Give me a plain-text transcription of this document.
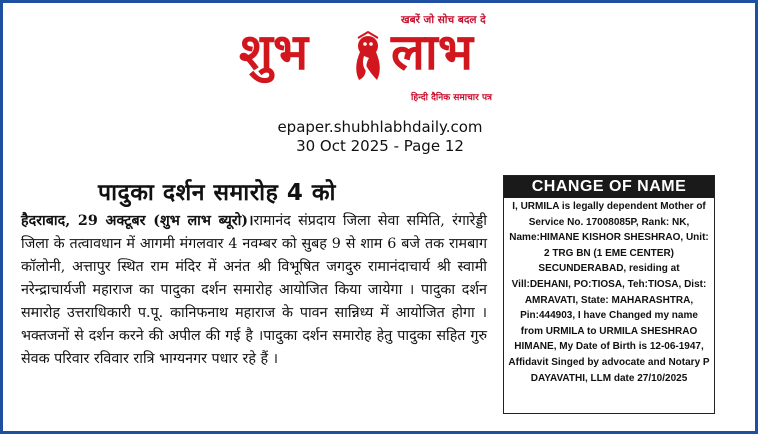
खबरें जो सोच बदल दे
शुभ लाभ
हिन्दी दैनिक समाचार पत्र
epaper.shubhlabhdaily.com
30 Oct 2025 - Page 12
पादुका दर्शन समारोह 4 को
हैदराबाद, 29 अक्टूबर (शुभ लाभ ब्यूरो)।रामानंद संप्रदाय जिला सेवा समिति, रंगारेड्डी जिला के तत्वावधान में आगमी मंगलवार 4 नवम्बर को सुबह 9 से शाम 6 बजे तक रामबाग कॉलोनी, अत्तापुर स्थित राम मंदिर में अनंत श्री विभूषित जगदुरु रामानंदाचार्य श्री स्वामी नरेन्द्राचार्यजी महाराज का पादुका दर्शन समारोह आयोजित किया जायेगा । पादुका दर्शन समारोह उत्तराधिकारी प.पू. कानिफनाथ महाराज के पावन सान्निध्य में आयोजित होगा । भक्तजनों से दर्शन करने की अपील की गई है ।पादुका दर्शन समारोह हेतु पादुका सहित गुरु सेवक परिवार रविवार रात्रि भाग्यनगर पधार रहे हैं ।
CHANGE OF NAME
I, URMILA is legally dependent Mother of Service No. 17008085P, Rank: NK, Name:HIMANE KISHOR SHESHRAO, Unit: 2 TRG BN (1 EME CENTER) SECUNDERABAD, residing at Vill:DEHANI, PO:TIOSA, Teh:TIOSA, Dist: AMRAVATI, State: MAHARASHTRA, Pin:444903, I have Changed my name from URMILA to URMILA SHESHRAO HIMANE, My Date of Birth is 12-06-1947, Affidavit Singed by advocate and Notary P DAYAVATHI, LLM date 27/10/2025
